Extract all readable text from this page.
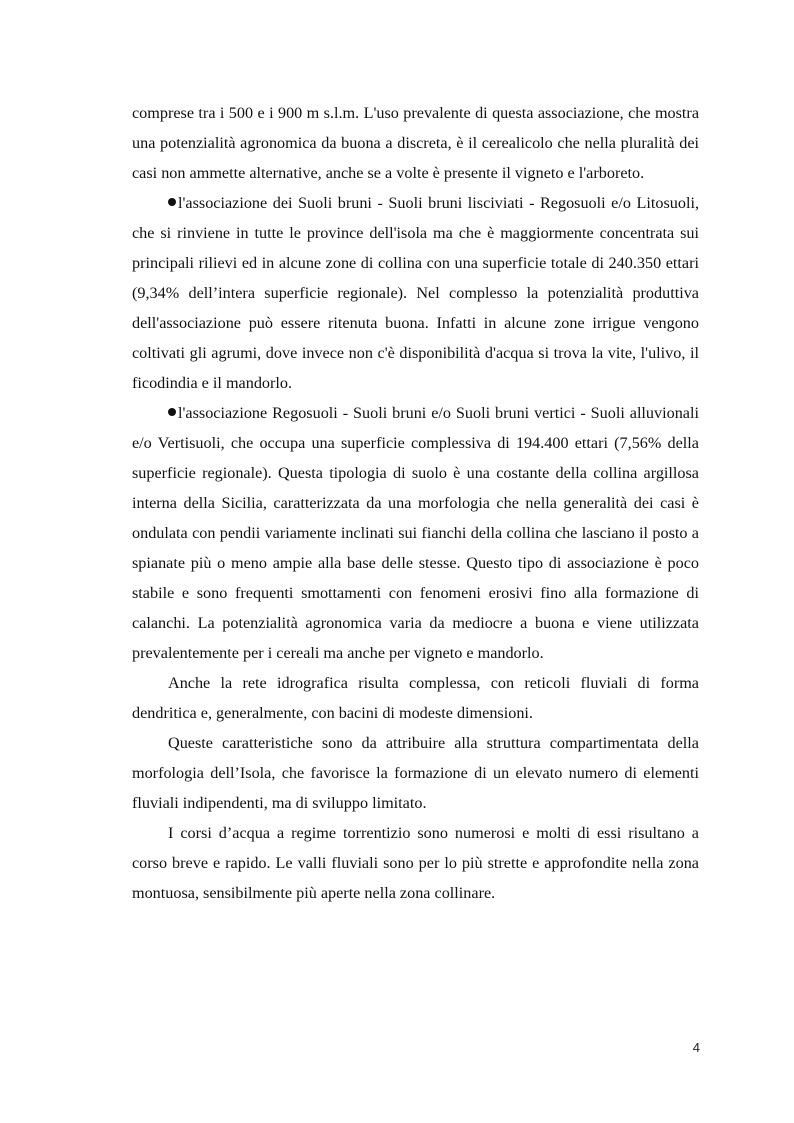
comprese tra i 500 e i 900 m s.l.m. L'uso prevalente di questa associazione, che mostra una potenzialità agronomica da buona a discreta, è il cerealicolo che nella pluralità dei casi non ammette alternative, anche se a volte è presente il vigneto e l'arboreto.

l'associazione dei Suoli bruni - Suoli bruni lisciviati - Regosuoli e/o Litosuoli, che si rinviene in tutte le province dell'isola ma che è maggiormente concentrata sui principali rilievi ed in alcune zone di collina con una superficie totale di 240.350 ettari (9,34% dell’intera superficie regionale). Nel complesso la potenzialità produttiva dell'associazione può essere ritenuta buona. Infatti in alcune zone irrigue vengono coltivati gli agrumi, dove invece non c'è disponibilità d'acqua si trova la vite, l'ulivo, il ficodindia e il mandorlo.

l'associazione Regosuoli - Suoli bruni e/o Suoli bruni vertici - Suoli alluvionali e/o Vertisuoli, che occupa una superficie complessiva di 194.400 ettari (7,56% della superficie regionale). Questa tipologia di suolo è una costante della collina argillosa interna della Sicilia, caratterizzata da una morfologia che nella generalità dei casi è ondulata con pendii variamente inclinati sui fianchi della collina che lasciano il posto a spianate più o meno ampie alla base delle stesse. Questo tipo di associazione è poco stabile e sono frequenti smottamenti con fenomeni erosivi fino alla formazione di calanchi. La potenzialità agronomica varia da mediocre a buona e viene utilizzata prevalentemente per i cereali ma anche per vigneto e mandorlo.

Anche la rete idrografica risulta complessa, con reticoli fluviali di forma dendritica e, generalmente, con bacini di modeste dimensioni.

Queste caratteristiche sono da attribuire alla struttura compartimentata della morfologia dell’Isola, che favorisce la formazione di un elevato numero di elementi fluviali indipendenti, ma di sviluppo limitato.

I corsi d’acqua a regime torrentizio sono numerosi e molti di essi risultano a corso breve e rapido. Le valli fluviali sono per lo più strette e approfondite nella zona montuosa, sensibilmente più aperte nella zona collinare.

4
